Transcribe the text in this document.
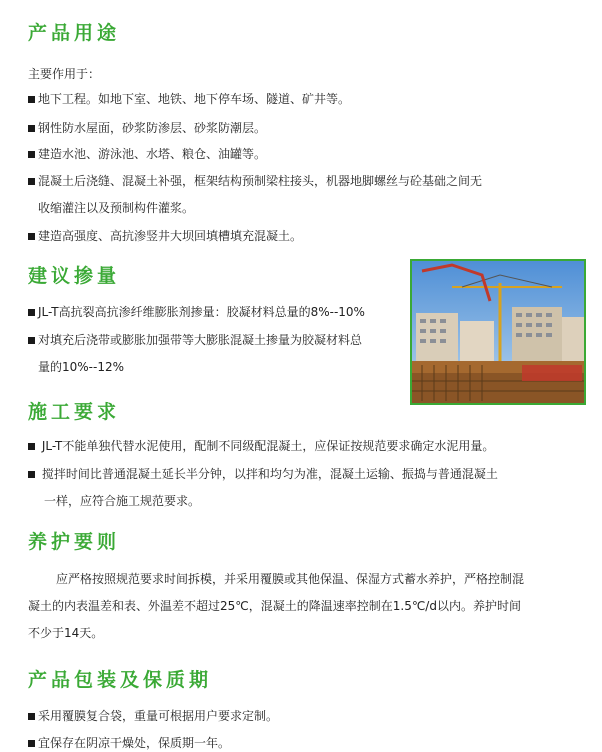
产品用途
主要作用于：
地下工程。如地下室、地铁、地下停车场、隧道、矿井等。
钢性防水屋面，砂浆防渗层、砂浆防潮层。
建造水池、游泳池、水塔、粮仓、油罐等。
混凝土后浇缝、混凝土补强，框架结构预制梁柱接头，机器地脚螺丝与砼基础之间无
收缩灌注以及预制构件灌浆。
建造高强度、高抗渗竖井大坝回填槽填充混凝土。
建议掺量
JL-T高抗裂高抗渗纤维膨胀剂掺量：胶凝材料总量的8%--10%
对填充后浇带或膨胀加强带等大膨胀混凝土掺量为胶凝材料总
量的10%--12%
施工要求
JL-T不能单独代替水泥使用，配制不同级配混凝土，应保证按规范要求确定水泥用量。
搅拌时间比普通混凝土延长半分钟，以拌和均匀为准，混凝土运输、振捣与普通混凝土
一样，应符合施工规范要求。
养护要则
应严格按照规范要求时间拆模，并采用覆膜或其他保温、保湿方式蓄水养护，严格控制混
凝土的内表温差和表、外温差不超过25℃，混凝土的降温速率控制在1.5℃/d以内。养护时间
不少于14天。
产品包装及保质期
采用覆膜复合袋，重量可根据用户要求定制。
宜保存在阴凉干燥处，保质期一年。
